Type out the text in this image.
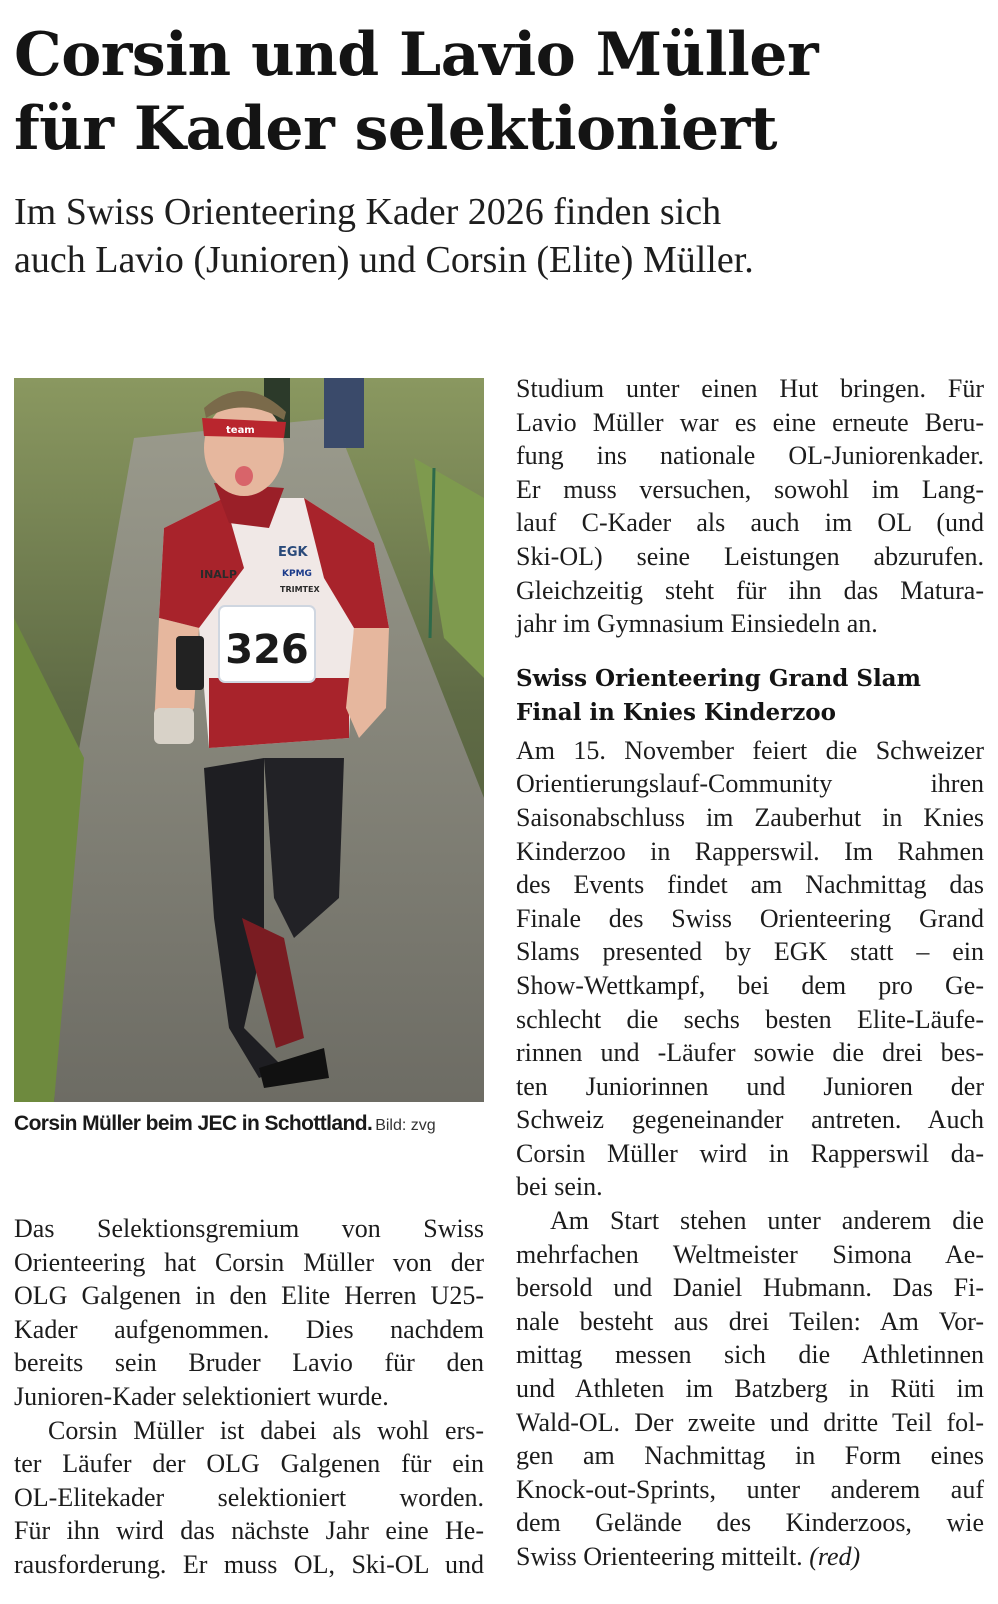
Corsin und Lavio Müller
für Kader selektioniert
Im Swiss Orienteering Kader 2026 finden sich
auch Lavio (Junioren) und Corsin (Elite) Müller.
326
EGK
INALP	KPMG
TRIMTEX
team
Corsin Müller beim JEC in Schottland. Bild: zvg
Das Selektionsgremium von Swiss
Orienteering hat Corsin Müller von der
OLG Galgenen in den Elite Herren U25-
Kader aufgenommen. Dies nachdem
bereits sein Bruder Lavio für den
Junioren-Kader selektioniert wurde.
Corsin Müller ist dabei als wohl ers-
ter Läufer der OLG Galgenen für ein
OL-Elitekader selektioniert worden.
Für ihn wird das nächste Jahr eine He-
rausforderung. Er muss OL, Ski-OL und
Studium unter einen Hut bringen. Für
Lavio Müller war es eine erneute Beru-
fung ins nationale OL-Juniorenkader.
Er muss versuchen, sowohl im Lang-
lauf C-Kader als auch im OL (und
Ski-OL) seine Leistungen abzurufen.
Gleichzeitig steht für ihn das Matura-
jahr im Gymnasium Einsiedeln an.
Swiss Orienteering Grand Slam
Final in Knies Kinderzoo
Am 15. November feiert die Schweizer
Orientierungslauf-Community ihren
Saisonabschluss im Zauberhut in Knies
Kinderzoo in Rapperswil. Im Rahmen
des Events findet am Nachmittag das
Finale des Swiss Orienteering Grand
Slams presented by EGK statt – ein
Show-Wettkampf, bei dem pro Ge-
schlecht die sechs besten Elite-Läufe-
rinnen und -Läufer sowie die drei bes-
ten Juniorinnen und Junioren der
Schweiz gegeneinander antreten. Auch
Corsin Müller wird in Rapperswil da-
bei sein.
Am Start stehen unter anderem die
mehrfachen Weltmeister Simona Ae-
bersold und Daniel Hubmann. Das Fi-
nale besteht aus drei Teilen: Am Vor-
mittag messen sich die Athletinnen
und Athleten im Batzberg in Rüti im
Wald-OL. Der zweite und dritte Teil fol-
gen am Nachmittag in Form eines
Knock-out-Sprints, unter anderem auf
dem Gelände des Kinderzoos, wie
Swiss Orienteering mitteilt. (red)
